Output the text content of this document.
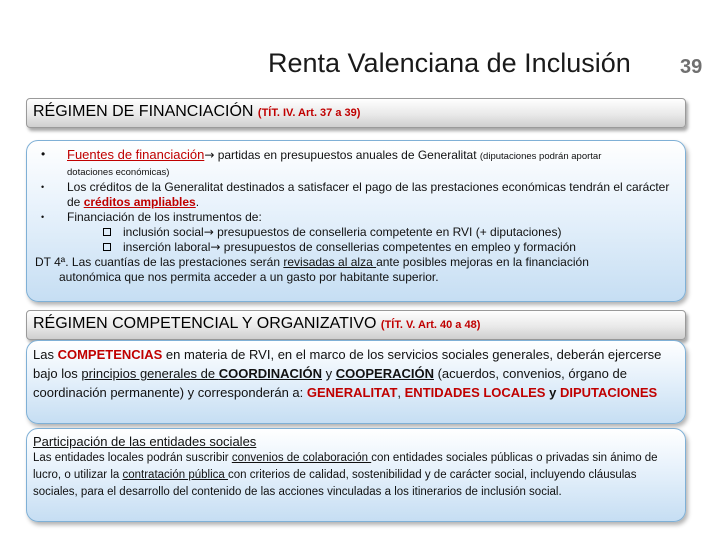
Renta Valenciana de Inclusión 39
RÉGIMEN DE FINANCIACIÓN (TÍT. IV. Art. 37 a 39)
• Fuentes de financiación→ partidas en presupuestos anuales de Generalitat (diputaciones podrán aportar
dotaciones económicas)
• Los créditos de la Generalitat destinados a satisfacer el pago de las prestaciones económicas tendrán el carácter de créditos ampliables.
• Financiación de los instrumentos de:
inclusión social→ presupuestos de conselleria competente en RVI (+ diputaciones)
inserción laboral→ presupuestos de consellerias competentes en empleo y formación
DT 4ª. Las cuantías de las prestaciones serán revisadas al alza ante posibles mejoras en la financiación
autonómica que nos permita acceder a un gasto por habitante superior.
RÉGIMEN COMPETENCIAL Y ORGANIZATIVO (TÍT. V. Art. 40 a 48)
Las COMPETENCIAS en materia de RVI, en el marco de los servicios sociales generales, deberán ejercerse bajo los principios generales de COORDINACIÓN y COOPERACIÓN (acuerdos, convenios, órgano de coordinación permanente) y corresponderán a: GENERALITAT, ENTIDADES LOCALES y DIPUTACIONES
Participación de las entidades sociales
Las entidades locales podrán suscribir convenios de colaboración con entidades sociales públicas o privadas sin ánimo de lucro, o utilizar la contratación pública con criterios de calidad, sostenibilidad y de carácter social, incluyendo cláusulas sociales, para el desarrollo del contenido de las acciones vinculadas a los itinerarios de inclusión social.
